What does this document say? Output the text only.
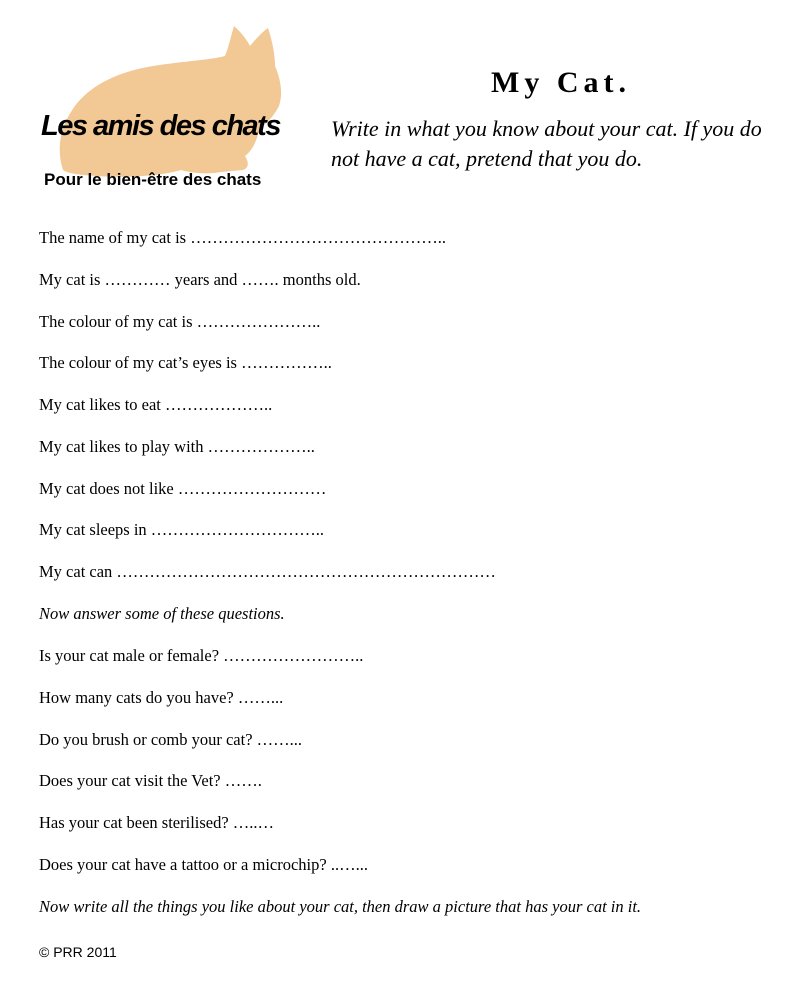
Les amis des chats
Pour le bien-être des chats
My Cat.
Write in what you know about your cat. If you do not have a cat, pretend that you do.
The name of my cat is ………………………………………..
My cat is ………… years and ……. months old.
The colour of my cat is …………………..
The colour of my cat’s eyes is ……………..
My cat likes to eat ………………..
My cat likes to play with ………………..
My cat does not like ………………………
My cat sleeps in …………………………..
My cat can ……………………………………………………………
Now answer some of these questions.
Is your cat male or female? ……………………..
How many cats do you have? ……...
Do you brush or comb your cat? ……...
Does your cat visit the Vet? …….
Has your cat been sterilised? …..…
Does your cat have a tattoo or a microchip? ..…...
Now write all the things you like about your cat, then draw a picture that has your cat in it.
© PRR 2011
